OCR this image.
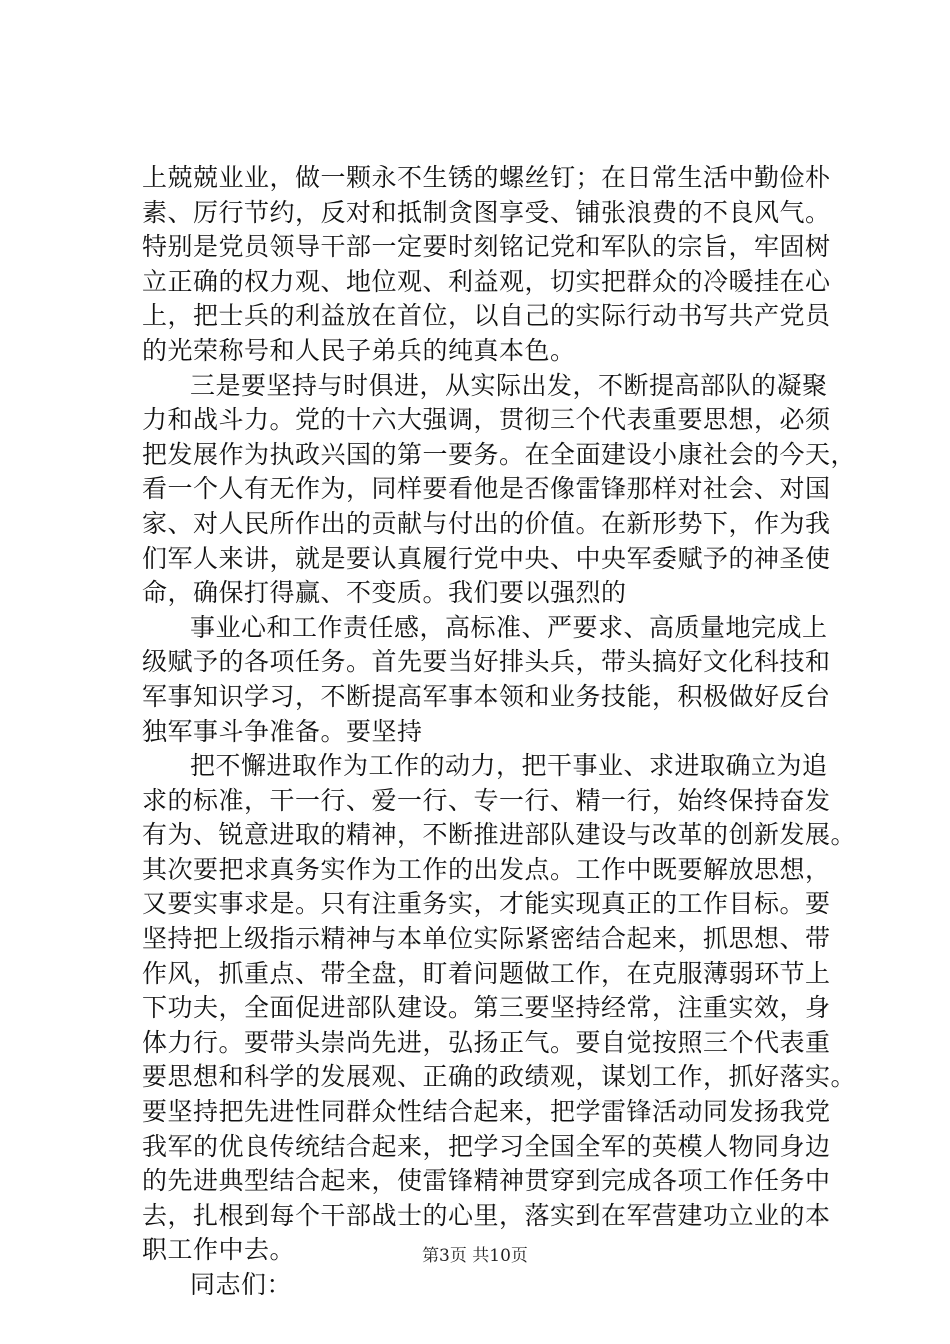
上兢兢业业，做一颗永不生锈的螺丝钉；在日常生活中勤俭朴
素、厉行节约，反对和抵制贪图享受、铺张浪费的不良风气。
特别是党员领导干部一定要时刻铭记党和军队的宗旨，牢固树
立正确的权力观、地位观、利益观，切实把群众的冷暖挂在心
上，把士兵的利益放在首位，以自己的实际行动书写共产党员
的光荣称号和人民子弟兵的纯真本色。
三是要坚持与时俱进，从实际出发，不断提高部队的凝聚
力和战斗力。党的十六大强调，贯彻三个代表重要思想，必须
把发展作为执政兴国的第一要务。在全面建设小康社会的今天，
看一个人有无作为，同样要看他是否像雷锋那样对社会、对国
家、对人民所作出的贡献与付出的价值。在新形势下，作为我
们军人来讲，就是要认真履行党中央、中央军委赋予的神圣使
命，确保打得赢、不变质。我们要以强烈的
事业心和工作责任感，高标准、严要求、高质量地完成上
级赋予的各项任务。首先要当好排头兵，带头搞好文化科技和
军事知识学习，不断提高军事本领和业务技能，积极做好反台
独军事斗争准备。要坚持
把不懈进取作为工作的动力，把干事业、求进取确立为追
求的标准，干一行、爱一行、专一行、精一行，始终保持奋发
有为、锐意进取的精神，不断推进部队建设与改革的创新发展。
其次要把求真务实作为工作的出发点。工作中既要解放思想，
又要实事求是。只有注重务实，才能实现真正的工作目标。要
坚持把上级指示精神与本单位实际紧密结合起来，抓思想、带
作风，抓重点、带全盘，盯着问题做工作，在克服薄弱环节上
下功夫，全面促进部队建设。第三要坚持经常，注重实效，身
体力行。要带头崇尚先进，弘扬正气。要自觉按照三个代表重
要思想和科学的发展观、正确的政绩观，谋划工作，抓好落实。
要坚持把先进性同群众性结合起来，把学雷锋活动同发扬我党
我军的优良传统结合起来，把学习全国全军的英模人物同身边
的先进典型结合起来，使雷锋精神贯穿到完成各项工作任务中
去，扎根到每个干部战士的心里，落实到在军营建功立业的本
职工作中去。
同志们：
第3页 共10页
